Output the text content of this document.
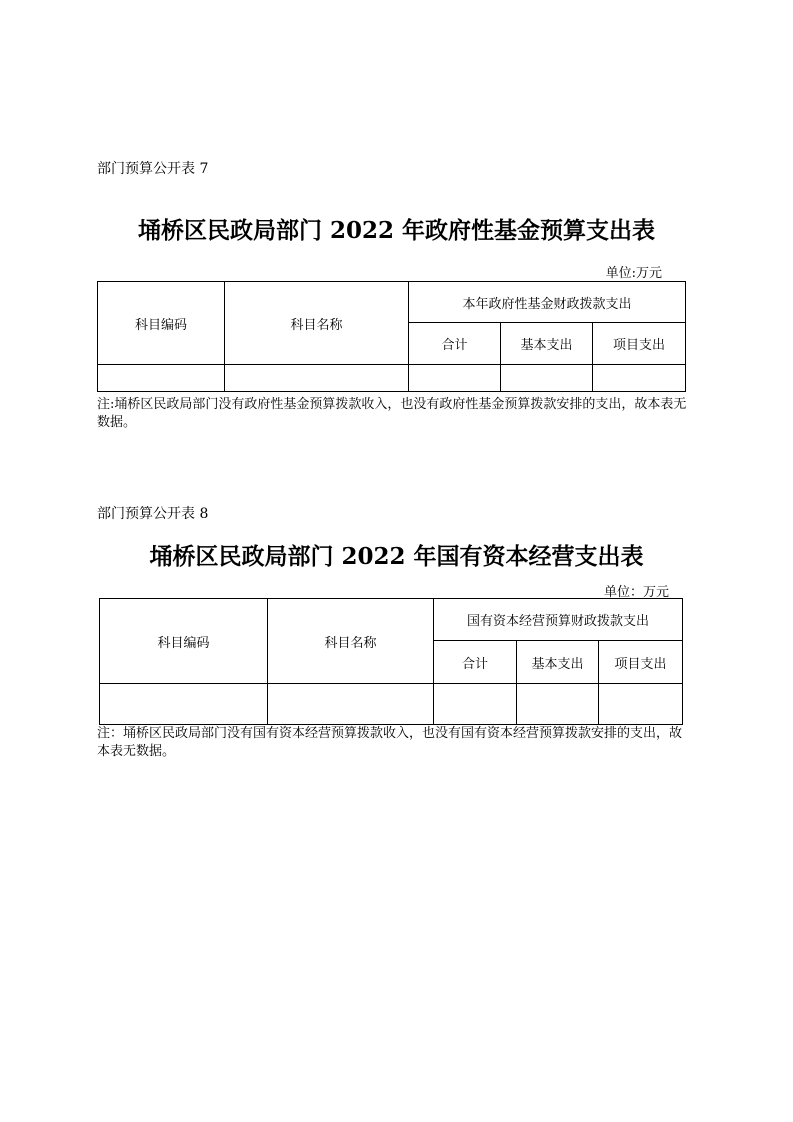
部门预算公开表 7
埇桥区民政局部门 2022 年政府性基金预算支出表
单位:万元
科目编码	科目名称	本年政府性基金财政拨款支出		
		合计	基本支出	项目支出

注:埇桥区民政局部门没有政府性基金预算拨款收入，也没有政府性基金预算拨款安排的支出，故本表无数据。
部门预算公开表 8
埇桥区民政局部门 2022 年国有资本经营支出表
单位：万元
科目编码	科目名称	国有资本经营预算财政拨款支出		
		合计	基本支出	项目支出

注：埇桥区民政局部门没有国有资本经营预算拨款收入，也没有国有资本经营预算拨款安排的支出，故本表无数据。
